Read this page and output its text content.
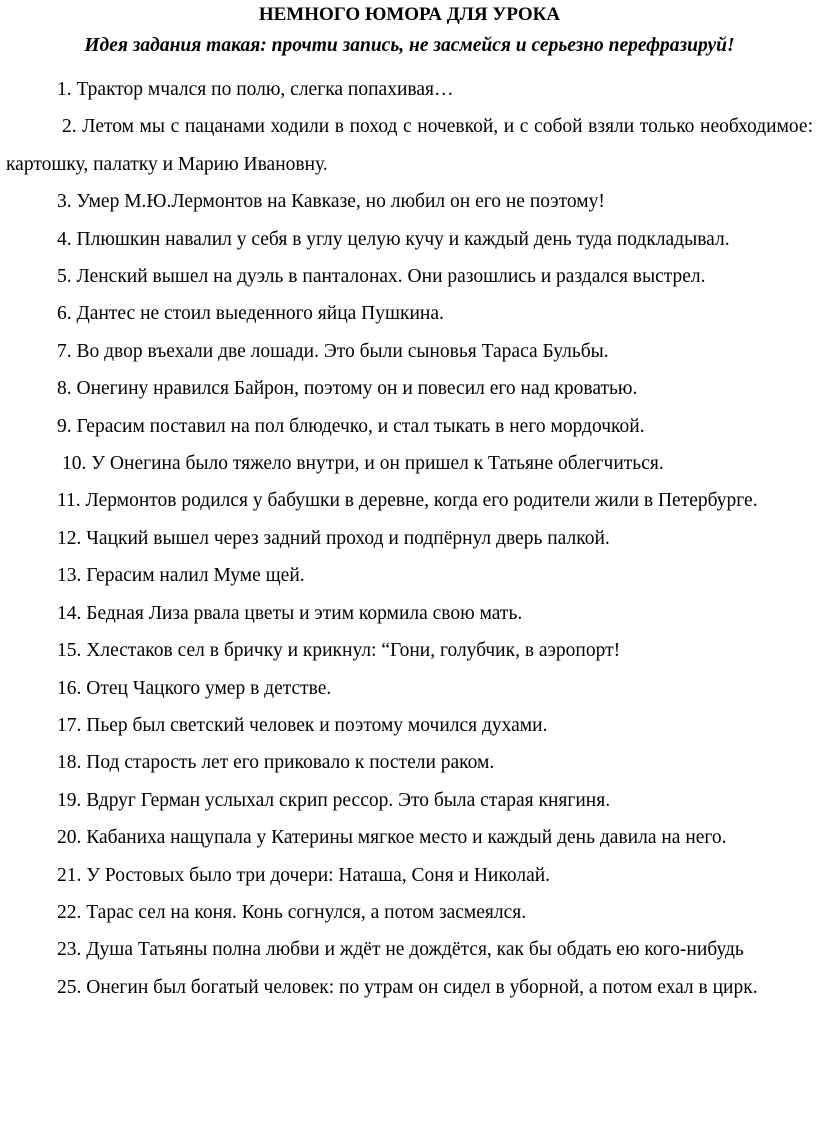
НЕМНОГО ЮМОРА ДЛЯ УРОКА

Идея задания такая: прочти запись, не засмейся и серьезно перефразируй!

1. Трактор мчался по полю, слегка попахивая…

2. Летом мы с пацанами ходили в поход с ночевкой, и с собой взяли только необходимое: картошку, палатку и Марию Ивановну.

3. Умер М.Ю.Лермонтов на Кавказе, но любил он его не поэтому!

4. Плюшкин навалил у себя в углу целую кучу и каждый день туда подкладывал.

5. Ленский вышел на дуэль в панталонах. Они разошлись и раздался выстрел.

6. Дантес не стоил выеденного яйца Пушкина.

7. Во двор въехали две лошади. Это были сыновья Тараса Бульбы.

8. Онегину нравился Байрон, поэтому он и повесил его над кроватью.

9. Герасим поставил на пол блюдечко, и стал тыкать в него мордочкой.

10. У Онегина было тяжело внутри, и он пришел к Татьяне облегчиться.

11. Лермонтов родился у бабушки в деревне, когда его родители жили в Петербурге.

12. Чацкий вышел через задний проход и подпёрнул дверь палкой.

13. Герасим налил Муме щей.

14. Бедная Лиза рвала цветы и этим кормила свою мать.

15. Хлестаков сел в бричку и крикнул: “Гони, голубчик, в аэропорт!

16. Отец Чацкого умер в детстве.

17. Пьер был светский человек и поэтому мочился духами.

18. Под старость лет его приковало к постели раком.

19. Вдруг Герман услыхал скрип рессор. Это была старая княгиня.

20. Кабаниха нащупала у Катерины мягкое место и каждый день давила на него.

21. У Ростовых было три дочери: Наташа, Соня и Николай.

22. Тарас сел на коня. Конь согнулся, а потом засмеялся.

23. Душа Татьяны полна любви и ждёт не дождётся, как бы обдать ею кого-нибудь

25. Онегин был богатый человек: по утрам он сидел в уборной, а потом ехал в цирк.
